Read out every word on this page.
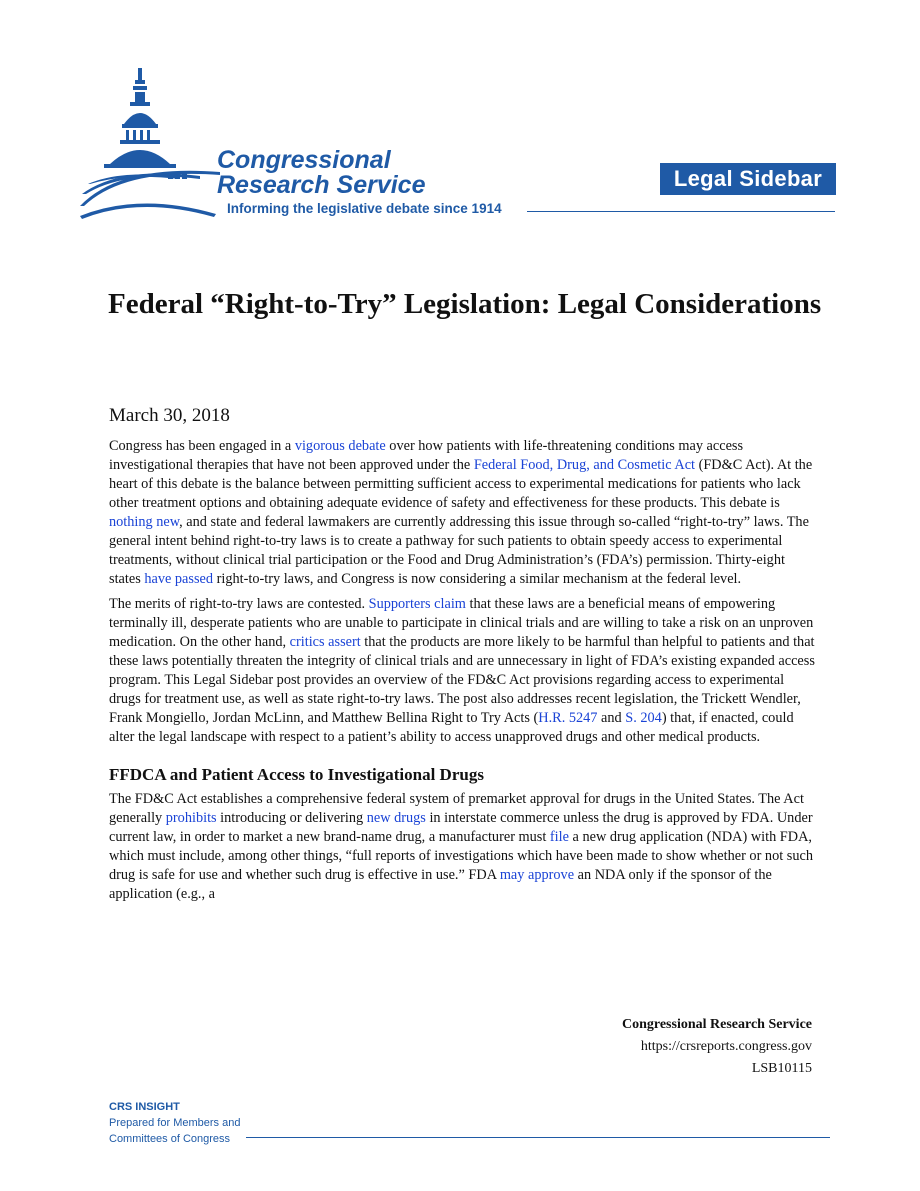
Congressional
Research Service
Informing the legislative debate since 1914
Legal Sidebar
Federal “Right-to-Try” Legislation: Legal Considerations
March 30, 2018

Congress has been engaged in a vigorous debate over how patients with life-threatening conditions may access investigational therapies that have not been approved under the Federal Food, Drug, and Cosmetic Act (FD&C Act). At the heart of this debate is the balance between permitting sufficient access to experimental medications for patients who lack other treatment options and obtaining adequate evidence of safety and effectiveness for these products. This debate is nothing new, and state and federal lawmakers are currently addressing this issue through so-called “right-to-try” laws. The general intent behind right-to-try laws is to create a pathway for such patients to obtain speedy access to experimental treatments, without clinical trial participation or the Food and Drug Administration’s (FDA’s) permission. Thirty-eight states have passed right-to-try laws, and Congress is now considering a similar mechanism at the federal level.

The merits of right-to-try laws are contested. Supporters claim that these laws are a beneficial means of empowering terminally ill, desperate patients who are unable to participate in clinical trials and are willing to take a risk on an unproven medication. On the other hand, critics assert that the products are more likely to be harmful than helpful to patients and that these laws potentially threaten the integrity of clinical trials and are unnecessary in light of FDA’s existing expanded access program. This Legal Sidebar post provides an overview of the FD&C Act provisions regarding access to experimental drugs for treatment use, as well as state right-to-try laws. The post also addresses recent legislation, the Trickett Wendler, Frank Mongiello, Jordan McLinn, and Matthew Bellina Right to Try Acts (H.R. 5247 and S. 204) that, if enacted, could alter the legal landscape with respect to a patient’s ability to access unapproved drugs and other medical products.

FFDCA and Patient Access to Investigational Drugs

The FD&C Act establishes a comprehensive federal system of premarket approval for drugs in the United States. The Act generally prohibits introducing or delivering new drugs in interstate commerce unless the drug is approved by FDA. Under current law, in order to market a new brand-name drug, a manufacturer must file a new drug application (NDA) with FDA, which must include, among other things, “full reports of investigations which have been made to show whether or not such drug is safe for use and whether such drug is effective in use.” FDA may approve an NDA only if the sponsor of the application (e.g., a

Congressional Research Service
https://crsreports.congress.gov
LSB10115
CRS INSIGHT
Prepared for Members and
Committees of Congress
